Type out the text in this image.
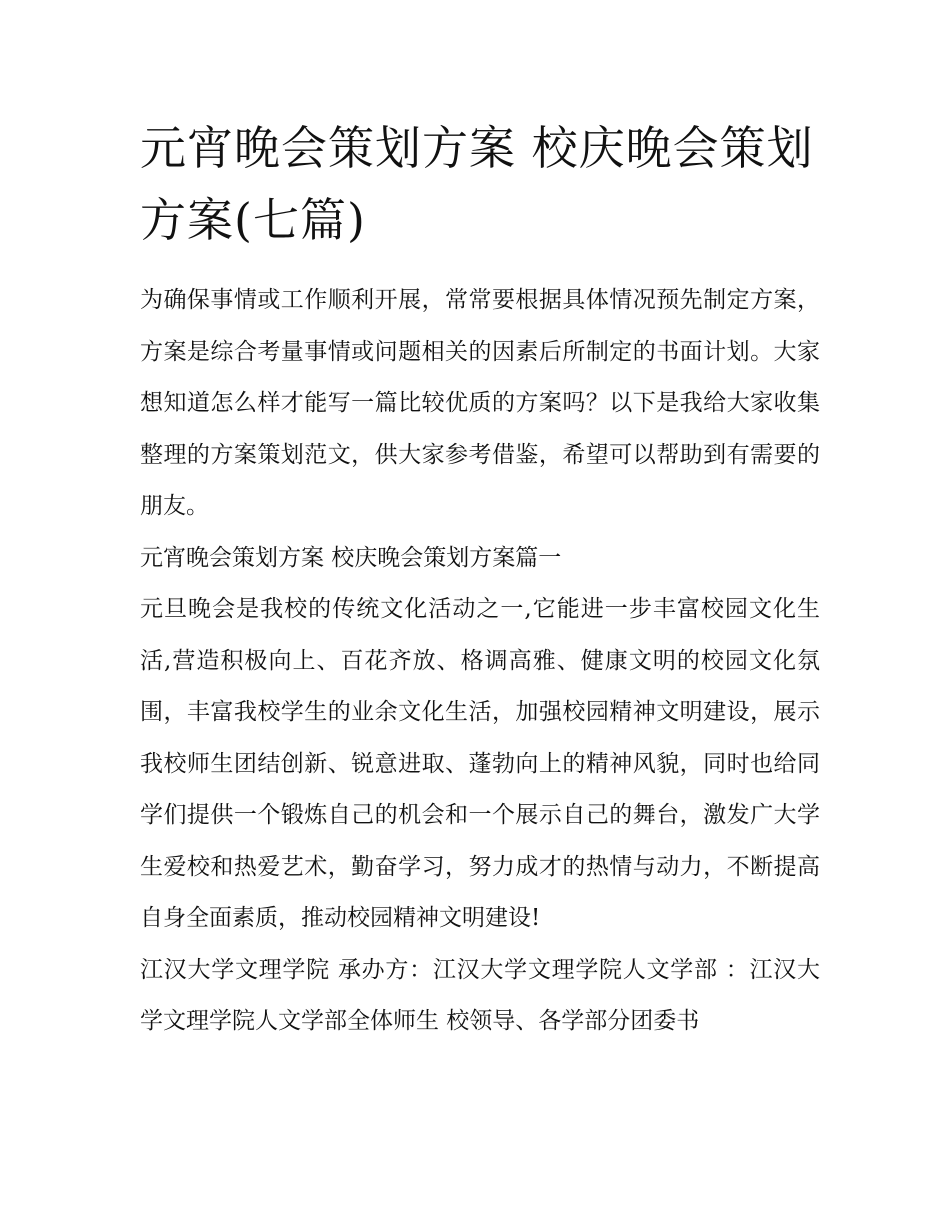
元宵晚会策划方案 校庆晚会策划方案(七篇)

为确保事情或工作顺利开展，常常要根据具体情况预先制定方案，方案是综合考量事情或问题相关的因素后所制定的书面计划。大家想知道怎么样才能写一篇比较优质的方案吗？以下是我给大家收集整理的方案策划范文，供大家参考借鉴，希望可以帮助到有需要的朋友。

元宵晚会策划方案 校庆晚会策划方案篇一

元旦晚会是我校的传统文化活动之一,它能进一步丰富校园文化生活,营造积极向上、百花齐放、格调高雅、健康文明的校园文化氛围，丰富我校学生的业余文化生活，加强校园精神文明建设，展示我校师生团结创新、锐意进取、蓬勃向上的精神风貌，同时也给同学们提供一个锻炼自己的机会和一个展示自己的舞台，激发广大学生爱校和热爱艺术，勤奋学习，努力成才的热情与动力，不断提高自身全面素质，推动校园精神文明建设!

江汉大学文理学院 承办方：江汉大学文理学院人文学部 ：江汉大学文理学院人文学部全体师生 校领导、各学部分团委书
